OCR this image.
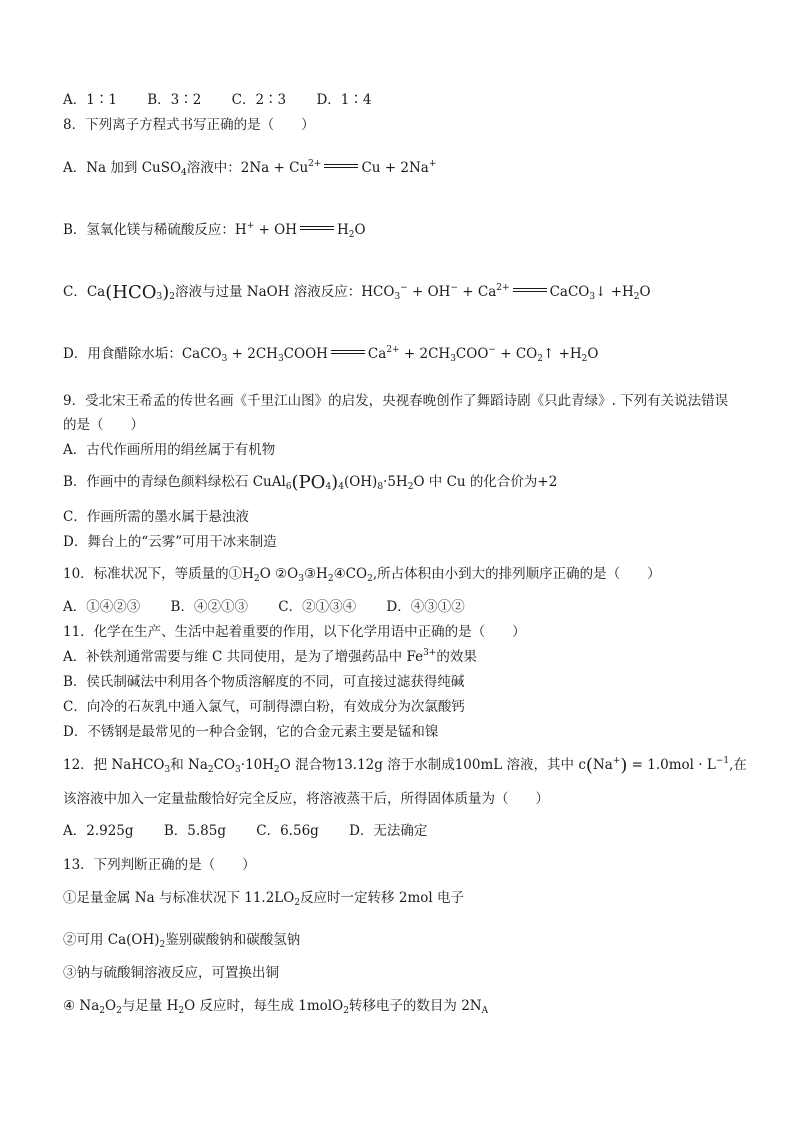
A．1∶1 B．3∶2 C．2∶3 D．1∶4
8．下列离子方程式书写正确的是（　　）
A．Na 加到 CuSO$_4$溶液中：$2Na + Cu^{2+}$	Cu + 2Na+
B．氢氧化镁与稀硫酸反应：H+ + OH	$H_2O$
C．$Ca(HCO_3)_2$溶液与过量 NaOH 溶液反应：$HCO_3^- + OH^- + Ca^{2+}$	CaCO$_3$↓ $+H_2O$
D．用食醋除水垢：CaCO$_3$ + $2CH_3COOH$	$Ca^{2+} + 2CH_3COO^-$ + $CO_2↑ +H_2O$
9．受北宋王希孟的传世名画《千里江山图》的启发，央视春晚创作了舞蹈诗剧《只此青绿》. 下列有关说法错误的是（　　）
A．古代作画所用的绢丝属于有机物
B．作画中的青绿色颜料绿松石 $CuAl_6(PO_4)_4(OH)_8\cdot 5H_2O$ 中 Cu 的化合价为+2
C．作画所需的墨水属于悬浊液
D．舞台上的“云雾”可用干冰来制造
10．标准状况下，等质量的$①H_2O$ $②O_3③H_2④CO_2$,所占体积由小到大的排列顺序正确的是（　　）
A．①④②③ B．④②①③ C．②①③④ D．④③①②
11．化学在生产、生活中起着重要的作用，以下化学用语中正确的是（　　）
A．补铁剂通常需要与维 C 共同使用，是为了增强药品中 $Fe^{3+}$的效果
B．侯氏制碱法中利用各个物质溶解度的不同，可直接过滤获得纯碱
C．向冷的石灰乳中通入氯气，可制得漂白粉，有效成分为次氯酸钙
D．不锈钢是最常见的一种合金钢，它的合金元素主要是锰和镍
12．把 NaHCO$_3$和 $Na_2CO_3\cdot 10H_2O$ 混合物13.12g 溶于水制成100mL 溶液，其中 $c(Na^+) = 1.0mol \cdot L^{-1}$,在
该溶液中加入一定量盐酸恰好完全反应，将溶液蒸干后，所得固体质量为（　　）
A．2.925g B．5.85g C．6.56g D．无法确定
13．下列判断正确的是（　　）
①足量金属 Na 与标准状况下 $11.2LO_2$反应时一定转移 2mol 电子
②可用 $Ca(OH)_2$鉴别碳酸钠和碳酸氢钠
③钠与硫酸铜溶液反应，可置换出铜
④ $Na_2O_2$与足量 $H_2O$ 反应时，每生成 1molO$_2$转移电子的数目为 $2N_A$
